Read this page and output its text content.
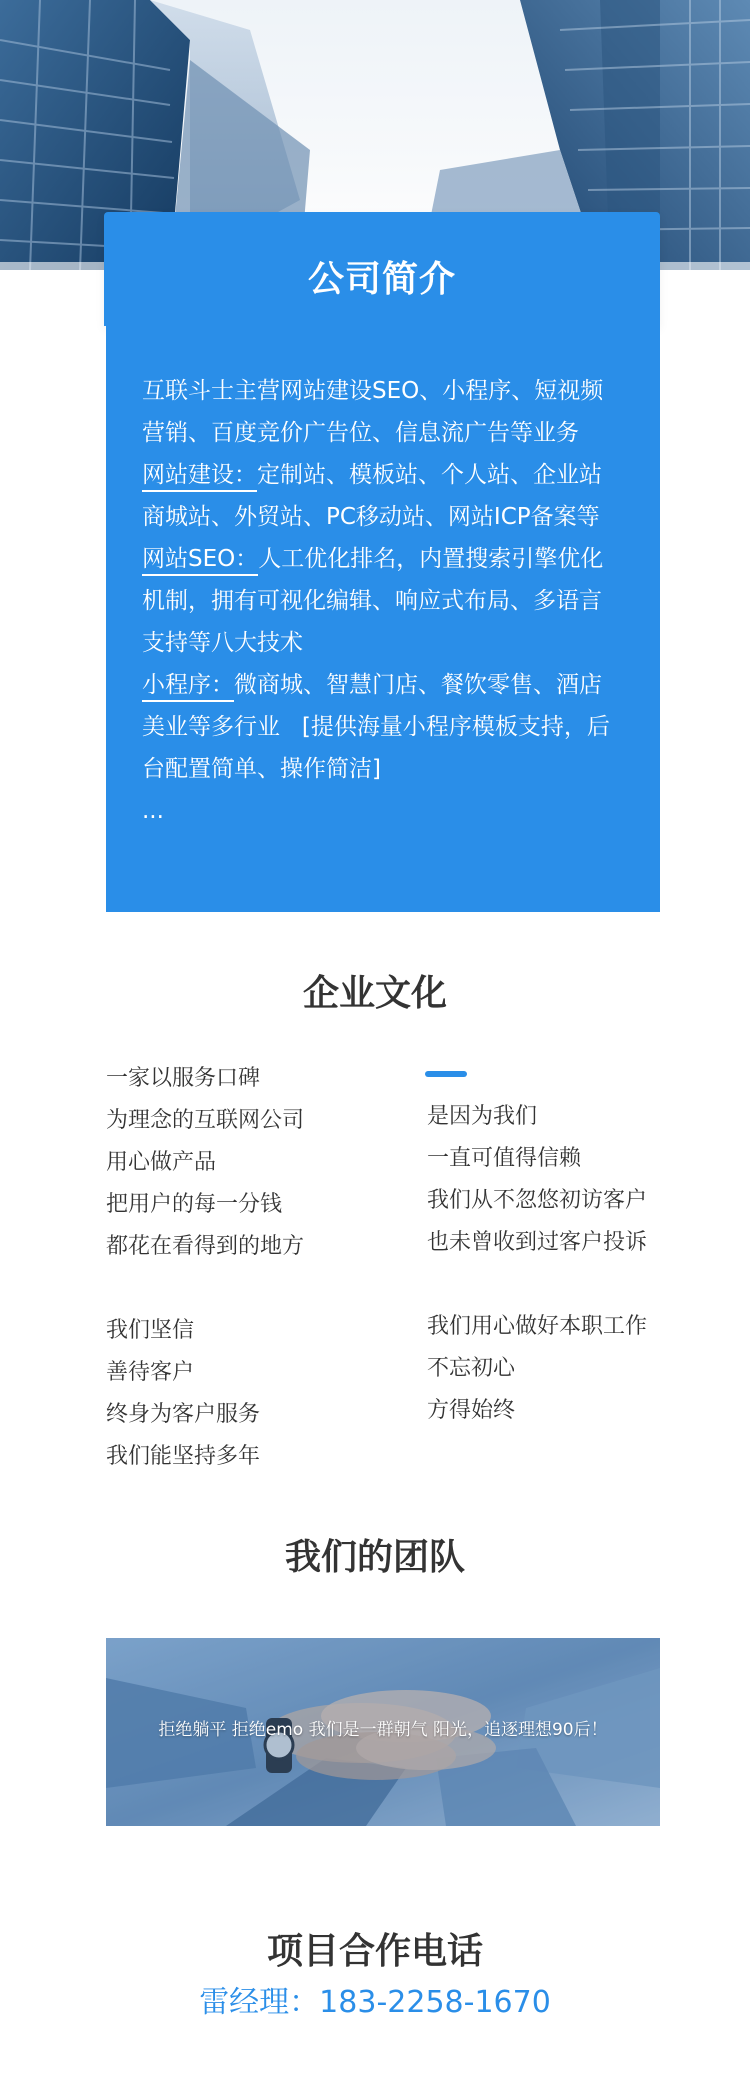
公司简介
互联斗士主营网站建设SEO、小程序、短视频
营销、百度竞价广告位、信息流广告等业务
网站建设：定制站、模板站、个人站、企业站
商城站、外贸站、PC移动站、网站ICP备案等
网站SEO：人工优化排名，内置搜索引擎优化
机制，拥有可视化编辑、响应式布局、多语言
支持等八大技术
小程序：微商城、智慧门店、餐饮零售、酒店
美业等多行业   [提供海量小程序模板支持，后
台配置简单、操作简洁]
...
企业文化
一家以服务口碑
为理念的互联网公司
用心做产品
把用户的每一分钱
都花在看得到的地方
我们坚信
善待客户
终身为客户服务
我们能坚持多年
是因为我们
一直可值得信赖
我们从不忽悠初访客户
也未曾收到过客户投诉
我们用心做好本职工作
不忘初心
方得始终
我们的团队
拒绝躺平 拒绝emo 我们是一群朝气 阳光，追逐理想90后！
项目合作电话
雷经理：183-2258-1670
